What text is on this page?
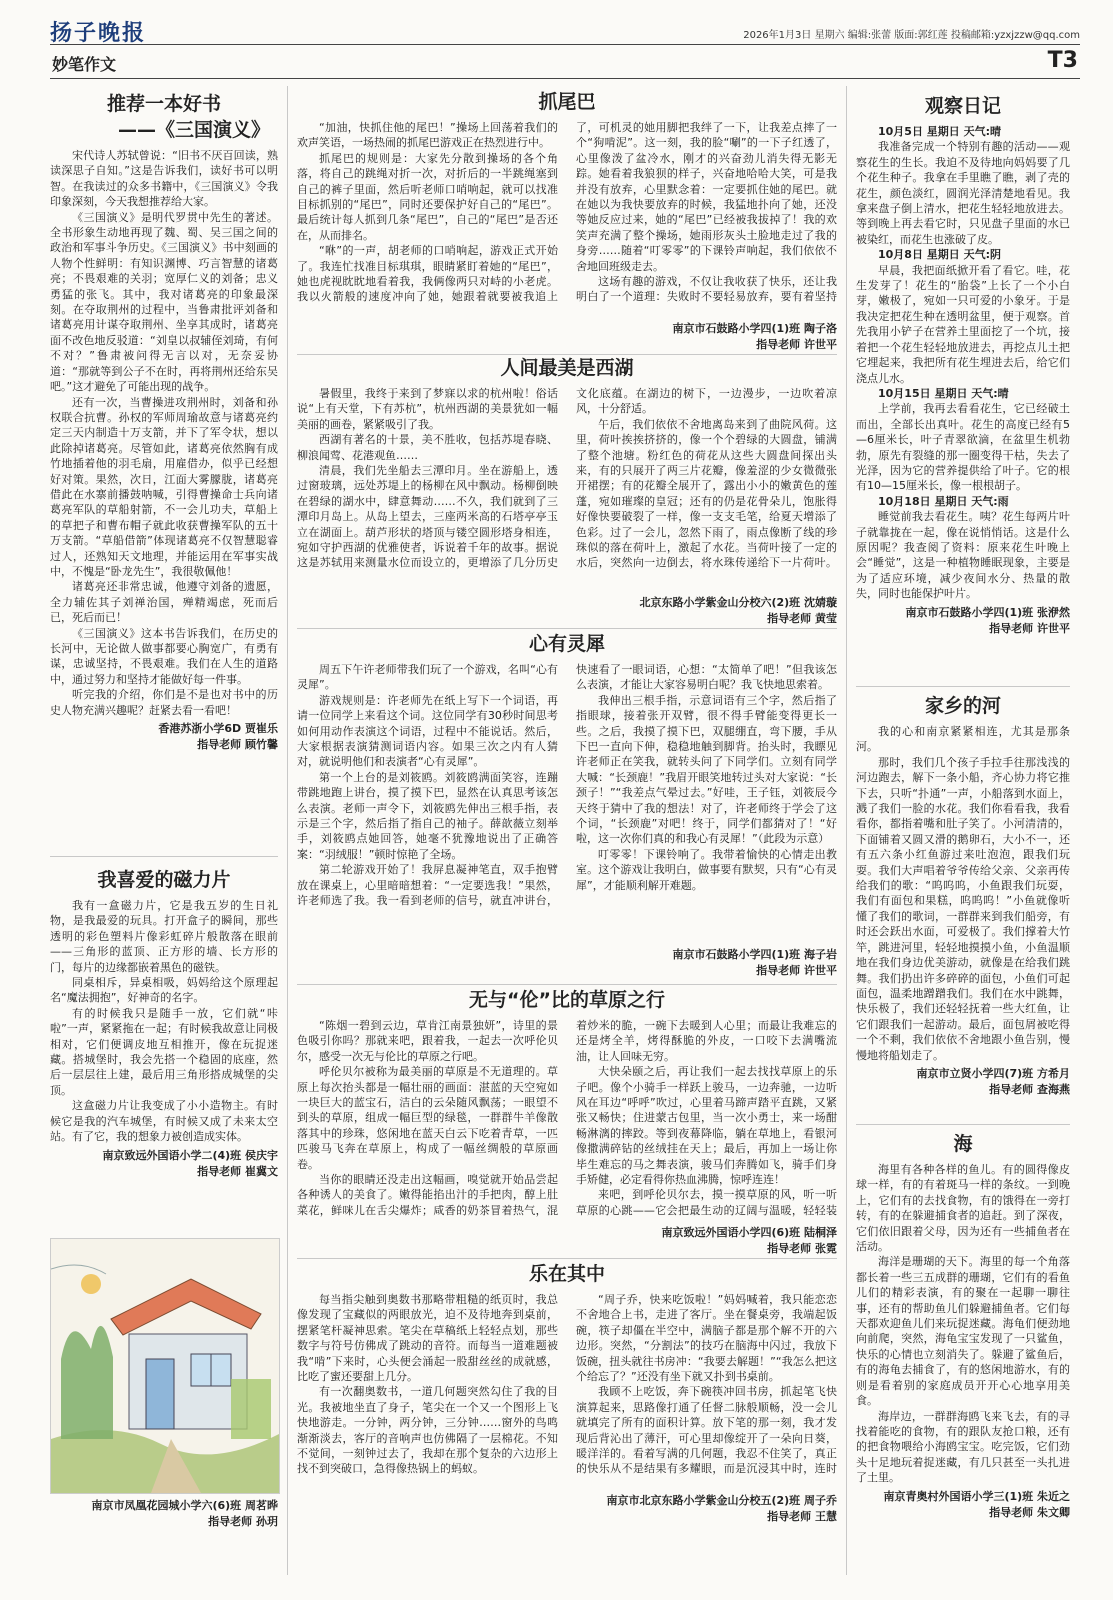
扬子晚报	2026年1月3日 星期六 编辑:张蕾 版面:郭红莲 投稿邮箱:yzxjzzw@qq.com
妙笔作文	T3
推荐一本好书
——《三国演义》

宋代诗人苏轼曾说：“旧书不厌百回读，熟读深思子自知。”这是告诉我们，读好书可以明智。在我读过的众多书籍中，《三国演义》令我印象深刻，今天我想推荐给大家。

《三国演义》是明代罗贯中先生的著述。全书形象生动地再现了魏、蜀、吴三国之间的政治和军事斗争历史。《三国演义》书中刻画的人物个性鲜明：有知识渊博、巧言智慧的诸葛亮；不畏艰难的关羽；宽厚仁义的刘备；忠义勇猛的张飞。其中，我对诸葛亮的印象最深刻。在夺取荆州的过程中，当鲁肃批评刘备和诸葛亮用计谋夺取荆州、坐享其成时，诸葛亮面不改色地反驳道：“刘皇以叔辅侄刘琦，有何不对？”鲁肃被问得无言以对，无奈妥协道：“那就等到公子不在时，再将荆州还给东吴吧。”这才避免了可能出现的战争。

还有一次，当曹操进攻荆州时，刘备和孙权联合抗曹。孙权的军师周瑜故意与诸葛亮约定三天内制造十万支箭，并下了军令状，想以此除掉诸葛亮。尽管如此，诸葛亮依然胸有成竹地插着他的羽毛扇，用雇借办，似乎已经想好对策。果然，次日，江面大雾朦胧，诸葛亮借此在水寨前播鼓呐喊，引得曹操命士兵向诸葛亮军队的草船射箭，不一会儿功夫，草船上的草把子和曹布帽子就此收获曹操军队的五十万支箭。“草船借箭”体现诸葛亮不仅智慧聪睿过人，还熟知天文地理，并能运用在军事实战中，不愧是“卧龙先生”，我很敬佩他！

诸葛亮还非常忠诚，他遵守刘备的遗愿，全力辅佐其子刘禅治国，殚精竭虑，死而后已，死后而已！

《三国演义》这本书告诉我们，在历史的长河中，无论做人做事都要心胸宽广，有勇有谋，忠诚坚持，不畏艰难。我们在人生的道路中，通过努力和坚持才能做好每一件事。

听完我的介绍，你们是不是也对书中的历史人物充满兴趣呢？赶紧去看一看吧！

香港苏浙小学6D 贾崔乐
指导老师 顾竹馨
我喜爱的磁力片

我有一盒磁力片，它是我五岁的生日礼物，是我最爱的玩具。打开盒子的瞬间，那些透明的彩色塑料片像彩虹碎片般散落在眼前——三角形的蓝顶、正方形的墙、长方形的门，每片的边缘都嵌着黑色的磁铁。

同桌相斥，异桌相吸，妈妈给这个原理起名“魔法拥抱”，好神奇的名字。

有的时候我只是随手一放，它们就“咔啦”一声，紧紧拖在一起；有时候我故意让同极相对，它们便调皮地互相推开，像在玩捉迷藏。搭城堡时，我会先搭一个稳固的底座，然后一层层往上建，最后用三角形搭成城堡的尖顶。

这盒磁力片让我变成了小小造物主。有时候它是我的汽车城堡，有时候又成了未来太空站。有了它，我的想象力被创造成实体。

南京致远外国语小学二(4)班 侯庆宇
指导老师 崔冀文
南京市凤凰花园城小学六(6)班 周茗晔
指导老师 孙玥
抓尾巴

“加油，快抓住他的尾巴！”操场上回荡着我们的欢声笑语，一场热闹的抓尾巴游戏正在热烈进行中。

抓尾巴的规则是：大家先分散到操场的各个角落，将自己的跳绳对折一次，对折后的一半跳绳塞到自己的裤子里面，然后听老师口哨响起，就可以找准目标抓别的“尾巴”，同时还要保护好自己的“尾巴”。最后统计每人抓到几条“尾巴”，自己的“尾巴”是否还在，从而排名。

“咻”的一声，胡老师的口哨响起，游戏正式开始了。我连忙找准目标琪琪，眼睛紧盯着她的“尾巴”，她也虎视眈眈地看着我，我俩像两只对峙的小老虎。我以火箭般的速度冲向了她，她跟着就要被我追上了，可机灵的她用脚把我绊了一下，让我差点摔了一个“狗啃泥”。这一刻，我的脸“唰”的一下子红透了，心里像泼了盆冷水，刚才的兴奋劲儿消失得无影无踪。她看着我狼狈的样子，兴奋地哈哈大笑，可是我并没有放弃，心里默念着：一定要抓住她的尾巴。就在她以为我快要放弃的时候，我猛地扑向了她，还没等她反应过来，她的“尾巴”已经被我拔掉了！我的欢笑声充满了整个操场，她雨形灰头土脸地走过了我的身旁……随着“叮零零”的下课铃声响起，我们依依不舍地回班级走去。

这场有趣的游戏，不仅让我收获了快乐，还让我明白了一个道理：失败时不要轻易放弃，要有着坚持

南京市石鼓路小学四(1)班 陶子洛
指导老师 许世平
人间最美是西湖

暑假里，我终于来到了梦寐以求的杭州啦！俗话说“上有天堂，下有苏杭”，杭州西湖的美景犹如一幅美丽的画卷，紧紧吸引了我。

西湖有著名的十景，美不胜收，包括苏堤春晓、柳浪闻莺、花港观鱼……

清晨，我们先坐船去三潭印月。坐在游船上，透过窗玻璃，远处苏堤上的杨柳在风中飘动。杨柳倒映在碧绿的湖水中，肆意舞动……不久，我们就到了三潭印月岛上。从岛上望去，三座两米高的石塔亭亭玉立在湖面上。葫芦形状的塔顶与镂空圆形塔身相连，宛如守护西湖的优雅使者，诉说着千年的故事。据说这是苏轼用来测量水位而设立的，更增添了几分历史文化底蕴。在湖边的树下，一边漫步，一边吹着凉风，十分舒适。

午后，我们依依不舍地离岛来到了曲院风荷。这里，荷叶挨挨挤挤的，像一个个碧绿的大圆盘，铺满了整个池塘。粉红色的荷花从这些大圆盘间探出头来，有的只展开了两三片花瓣，像羞涩的少女微微张开裙摆；有的花瓣全展开了，露出小小的嫩黄色的莲蓬，宛如璀璨的皇冠；还有的仍是花骨朵儿，饱胀得好像快要破裂了一样，像一支支毛笔，给夏天增添了色彩。过了一会儿，忽然下雨了，雨点像断了线的珍珠似的落在荷叶上，激起了水花。当荷叶接了一定的水后，突然向一边倒去，将水珠传递给下一片荷叶。

北京东路小学紫金山分校六(2)班 沈婧璇
指导老师 黄莹
心有灵犀

周五下午许老师带我们玩了一个游戏，名叫“心有灵犀”。

游戏规则是：许老师先在纸上写下一个词语，再请一位同学上来看这个词。这位同学有30秒时间思考如何用动作表演这个词语，过程中不能说话。然后，大家根据表演猜测词语内容。如果三次之内有人猜对，就说明他们和表演者“心有灵犀”。

第一个上台的是刘筱鸥。刘筱鸥满面笑容，连蹦带跳地跑上讲台，摸了摸下巴，显然在认真思考该怎么表演。老师一声令下，刘筱鸥先伸出三根手指，表示是三个字，然后指了指自己的袖子。薛歆薇立刻举手，刘筱鸥点她回答，她毫不犹豫地说出了正确答案：“羽绒服！”顿时惊艳了全场。

第二轮游戏开始了！我屏息凝神笔直，双手抱臂放在课桌上，心里暗暗想着：“一定要选我！”果然，许老师选了我。我一看到老师的信号，就直冲讲台，快速看了一眼词语，心想：“太简单了吧！”但我该怎么表演，才能让大家容易明白呢？我飞快地思索着。

我伸出三根手指，示意词语有三个字，然后指了指眼球，接着张开双臂，很不得手臂能变得更长一些。之后，我摸了摸下巴，双腿绷直，弯下腰，手从下巴一直向下伸，稳稳地触到脚背。抬头时，我瞟见许老师正在笑我，就转头问了下同学们。立刻有同学大喊：“长颈鹿！”我眉开眼笑地转过头对大家说：“长颈子！”“我差点气晕过去。”好哇，王子钰，刘筱辰今天终于猜中了我的想法！对了，许老师终于学会了这个词，“长颈鹿”对吧！终于，同学们都猜对了！“好啦，这一次你们真的和我心有灵犀！”（此段为示意）

叮零零！下课铃响了。我带着愉快的心情走出教室。这个游戏让我明白，做事要有默契，只有“心有灵犀”，才能顺利解开难题。

南京市石鼓路小学四(1)班 海子岩
指导老师 许世平
无与“伦”比的草原之行

“陈烟一碧到云边，草肯江南景独妍”，诗里的景色吸引你吗？那就来吧，跟着我，一起去一次呼伦贝尔，感受一次无与伦比的草原之行吧。

呼伦贝尔被称为最美丽的草原是不无道理的。草原上每次抬头都是一幅壮丽的画面：湛蓝的天空宛如一块巨大的蓝宝石，洁白的云朵随风飘荡；一眼望不到头的草原，组成一幅巨型的绿毯，一群群牛羊像散落其中的珍珠，悠闲地在蓝天白云下吃着青草，一匹匹骏马飞奔在草原上，构成了一幅丝绸般的草原画卷。

当你的眼睛还没走出这幅画，嗅觉就开始品尝起各种诱人的美食了。嫩得能掐出汁的手把肉，醇上肚菜花，鲜咪儿在舌尖爆炸；咸香的奶茶冒着热气，混着炒米的脆，一碗下去暖到人心里；而最让我难忘的还是烤全羊，烤得酥脆的外皮，一口咬下去满嘴流油，让人回味无穷。

大快朵颐之后，再让我们一起去找找草原上的乐子吧。像个小骑手一样跃上骏马，一边奔驰，一边听风在耳边“呼呼”吹过，心里着马蹄声踏平直跳，又紧张又畅快；住进蒙古包里，当一次小勇士，来一场酣畅淋漓的摔跤。等到夜幕降临，躺在草地上，看银河像撒满碎钻的丝绒挂在天上；最后，再加上一场让你毕生难忘的马之舞表演，骏马们奔腾如飞，骑手们身手矫健，必定看得你热血沸腾，惊呼连连！

来吧，到呼伦贝尔去，摸一摸草原的风，听一听草原的心跳——它会把最生动的辽阔与温暖，轻轻装

南京致远外国语小学四(6)班 陆桐泽
指导老师 张霓
乐在其中

每当指尖触到奥数书那略带粗糙的纸页时，我总像发现了宝藏似的两眼放光，迫不及待地奔到桌前，摆紧笔杆凝神思索。笔尖在草稿纸上轻轻点划，那些数字与符号仿佛成了跳动的音符。而每当一道难题被我“啃”下来时，心头便会涌起一股甜丝丝的成就感，比吃了蜜还要甜上几分。

有一次翻奥数书，一道几何题突然勾住了我的目光。我被地坐直了身子，笔尖在一个又一个图形上飞快地游走。一分钟，两分钟，三分钟……窗外的鸟鸣渐渐淡去，客厅的音响声也仿佛隔了一层棉花。不知不觉间，一刻钟过去了，我却在那个复杂的六边形上找不到突破口，急得像热锅上的蚂蚁。

“周子乔，快来吃饭啦！”妈妈喊着，我只能恋恋不舍地合上书，走进了客厅。坐在餐桌旁，我端起饭碗，筷子却僵在半空中，满脑子都是那个解不开的六边形。突然，“分割法”的技巧在脑海中闪过，我放下饭碗，扭头就往书房冲：“我要去解题！”“我怎么把这个给忘了？”还没有坐下就又扑到书桌前。

我顾不上吃饭，奔下碗筷冲回书房，抓起笔飞快演算起来，思路像打通了任督二脉般顺畅，没一会儿就填完了所有的面积计算。放下笔的那一刻，我才发现后背沁出了薄汗，可心里却像绽开了一朵向日葵，暖洋洋的。看着写满的几何题，我忍不住笑了，真正的快乐从不是结果有多耀眼，而是沉浸其中时，连时

南京市北京东路小学紫金山分校五(2)班 周子乔
指导老师 王慧
观察日记

10月5日 星期日 天气:晴

我准备完成一个特别有趣的活动——观察花生的生长。我迫不及待地向妈妈要了几个花生种子。我拿在手里瞧了瞧，剥了壳的花生，颜色淡红，圆润光泽清楚地看见。我拿来盘子倒上清水，把花生轻轻地放进去。等到晚上再去看它时，只见盘子里面的水已被染红，而花生也涨破了皮。

10月8日 星期日 天气:阴

早晨，我把面纸掀开看了看它。哇，花生发芽了！花生的“胎袋”上长了一个小白芽，嫩极了，宛如一只可爱的小象牙。于是我决定把花生种在透明盆里，便于观察。首先我用小铲子在营养土里面挖了一个坑，接着把一个花生轻轻地放进去，再挖点儿土把它埋起来，我把所有花生埋进去后，给它们浇点儿水。

10月15日 星期日 天气:晴

上学前，我再去看看花生，它已经破土而出，全部长出真叶。花生的高度已经有5—6厘米长，叶子青翠欲滴，在盆里生机勃勃，原先有裂缝的那一圈变得干枯，失去了光泽，因为它的营养提供给了叶子。它的根有10—15厘米长，像一根根胡子。

10月18日 星期日 天气:雨

睡觉前我去看花生。咦？花生每两片叶子就靠拢在一起，像在说悄悄话。这是什么原因呢？我查阅了资料：原来花生叶晚上会“睡觉”，这是一种植物睡眠现象，主要是为了适应环境，减少夜间水分、热量的散失，同时也能保护叶片。

南京市石鼓路小学四(1)班 张洢然
指导老师 许世平
家乡的河

我的心和南京紧紧相连，尤其是那条河。

那时，我们几个孩子手拉手往那浅浅的河边跑去，解下一条小船，齐心协力将它推下去，只听“扑通”一声，小船落到水面上，溅了我们一脸的水花。我们你看看我，我看看你，都指着嘴和肚子笑了。小河清清的，下面铺着又圆又滑的鹅卵石，大小不一，还有五六条小红鱼游过来吐泡泡，跟我们玩耍。我们大声唱着爷爷传给父亲、父亲再传给我们的歌：“呜呜呜，小鱼跟我们玩耍，我们有面包和果糕，呜呜呜！”小鱼就像听懂了我们的歌词，一群群来到我们船旁，有时还会跃出水面，可爱极了。我们撑着大竹竿，跳进河里，轻轻地摸摸小鱼，小鱼温顺地在我们身边优美游动，就像是在给我们跳舞。我们扔出许多碎碎的面包，小鱼们可起面包，温柔地蹭蹭我们。我们在水中跳舞，快乐极了，我们还轻轻抚着一些大红鱼，让它们跟我们一起游动。最后，面包屑被吃得一个不剩，我们依依不舍地跟小鱼告别，慢慢地将船划走了。

南京市立贤小学四(7)班 方希月
指导老师 查海燕
海

海里有各种各样的鱼儿。有的圆得像皮球一样，有的有着斑马一样的条纹。一到晚上，它们有的去找食物，有的饿得在一旁打转，有的在躲避捕食者的追赶。到了深夜，它们依旧跟着父母，因为还有一些捕鱼者在活动。

海洋是珊瑚的天下。海里的每一个角落都长着一些三五成群的珊瑚，它们有的看鱼儿们的精彩表演，有的聚在一起聊一聊往事，还有的帮助鱼儿们躲避捕鱼者。它们每天都欢迎鱼儿们来玩捉迷藏。海龟们便劲地向前爬，突然，海龟宝宝发现了一只鲨鱼，快乐的心情也立刻消失了。躲避了鲨鱼后，有的海龟去捕食了，有的悠闲地游水，有的则是看着别的家庭成员开开心心地享用美食。

海岸边，一群群海鸥飞来飞去，有的寻找着能吃的食物，有的跟队友抢口粮，还有的把食物喂给小海鸥宝宝。吃完饭，它们劲头十足地玩着捉迷藏，有几只甚至一头扎进了土里。

南京青奥村外国语小学三(1)班 朱近之
指导老师 朱文卿
